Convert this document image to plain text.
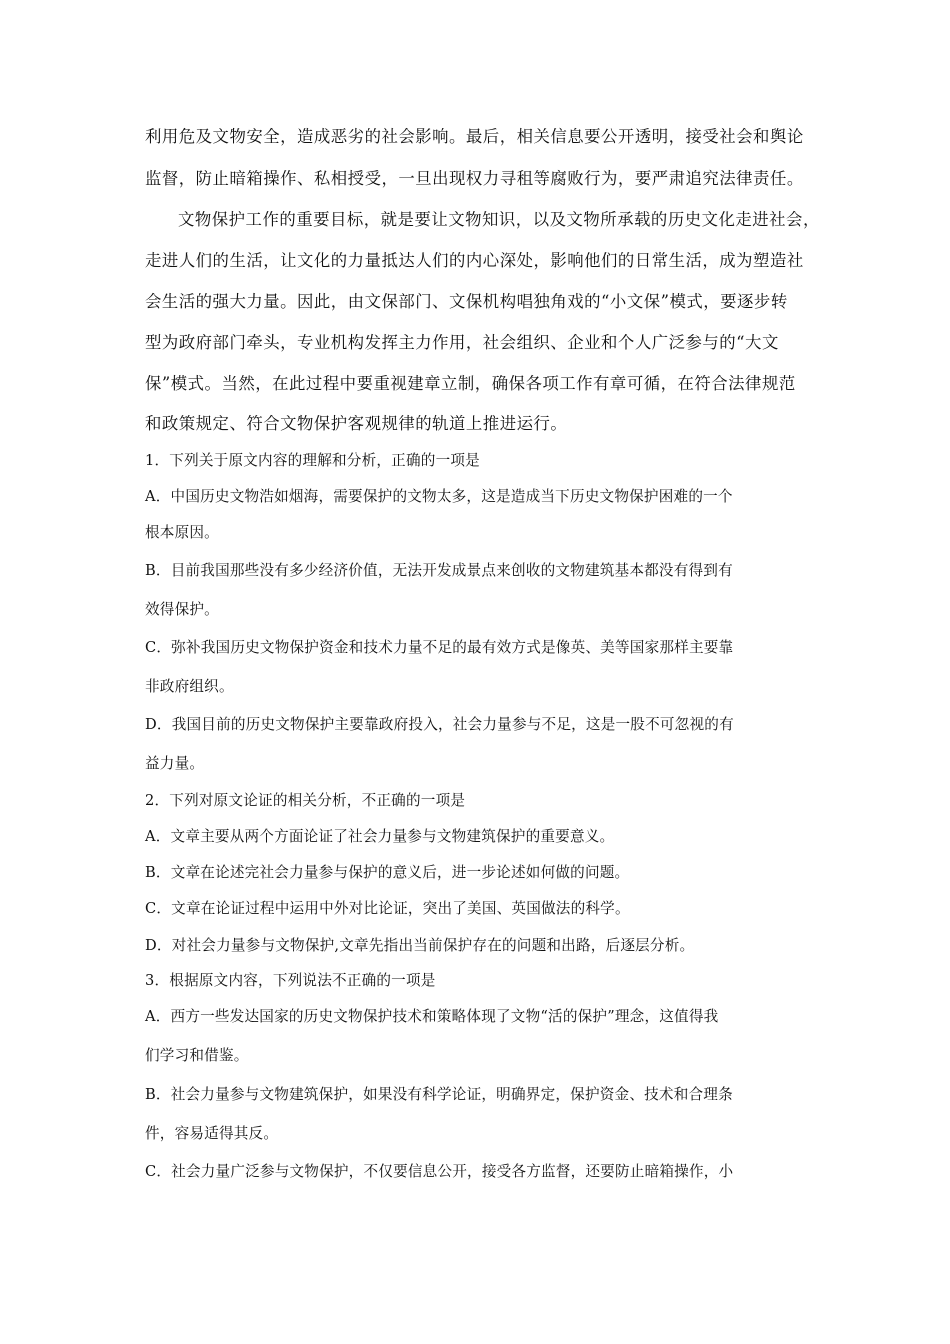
利用危及文物安全，造成恶劣的社会影响。最后，相关信息要公开透明，接受社会和舆论
监督，防止暗箱操作、私相授受，一旦出现权力寻租等腐败行为，要严肃追究法律责任。
文物保护工作的重要目标，就是要让文物知识，以及文物所承载的历史文化走进社会，
走进人们的生活，让文化的力量抵达人们的内心深处，影响他们的日常生活，成为塑造社
会生活的强大力量。因此，由文保部门、文保机构唱独角戏的“小文保”模式，要逐步转
型为政府部门牵头，专业机构发挥主力作用，社会组织、企业和个人广泛参与的“大文
保”模式。当然，在此过程中要重视建章立制，确保各项工作有章可循，在符合法律规范
和政策规定、符合文物保护客观规律的轨道上推进运行。
1．下列关于原文内容的理解和分析，正确的一项是
A．中国历史文物浩如烟海，需要保护的文物太多，这是造成当下历史文物保护困难的一个
根本原因。
B．目前我国那些没有多少经济价值，无法开发成景点来创收的文物建筑基本都没有得到有
效得保护。
C．弥补我国历史文物保护资金和技术力量不足的最有效方式是像英、美等国家那样主要靠
非政府组织。
D．我国目前的历史文物保护主要靠政府投入，社会力量参与不足，这是一股不可忽视的有
益力量。
2．下列对原文论证的相关分析，不正确的一项是
A．文章主要从两个方面论证了社会力量参与文物建筑保护的重要意义。
B．文章在论述完社会力量参与保护的意义后，进一步论述如何做的问题。
C．文章在论证过程中运用中外对比论证，突出了美国、英国做法的科学。
D．对社会力量参与文物保护,文章先指出当前保护存在的问题和出路，后逐层分析。
3．根据原文内容，下列说法不正确的一项是
A．西方一些发达国家的历史文物保护技术和策略体现了文物“活的保护”理念，这值得我
们学习和借鉴。
B．社会力量参与文物建筑保护，如果没有科学论证，明确界定，保护资金、技术和合理条
件，容易适得其反。
C．社会力量广泛参与文物保护，不仅要信息公开，接受各方监督，还要防止暗箱操作，小
